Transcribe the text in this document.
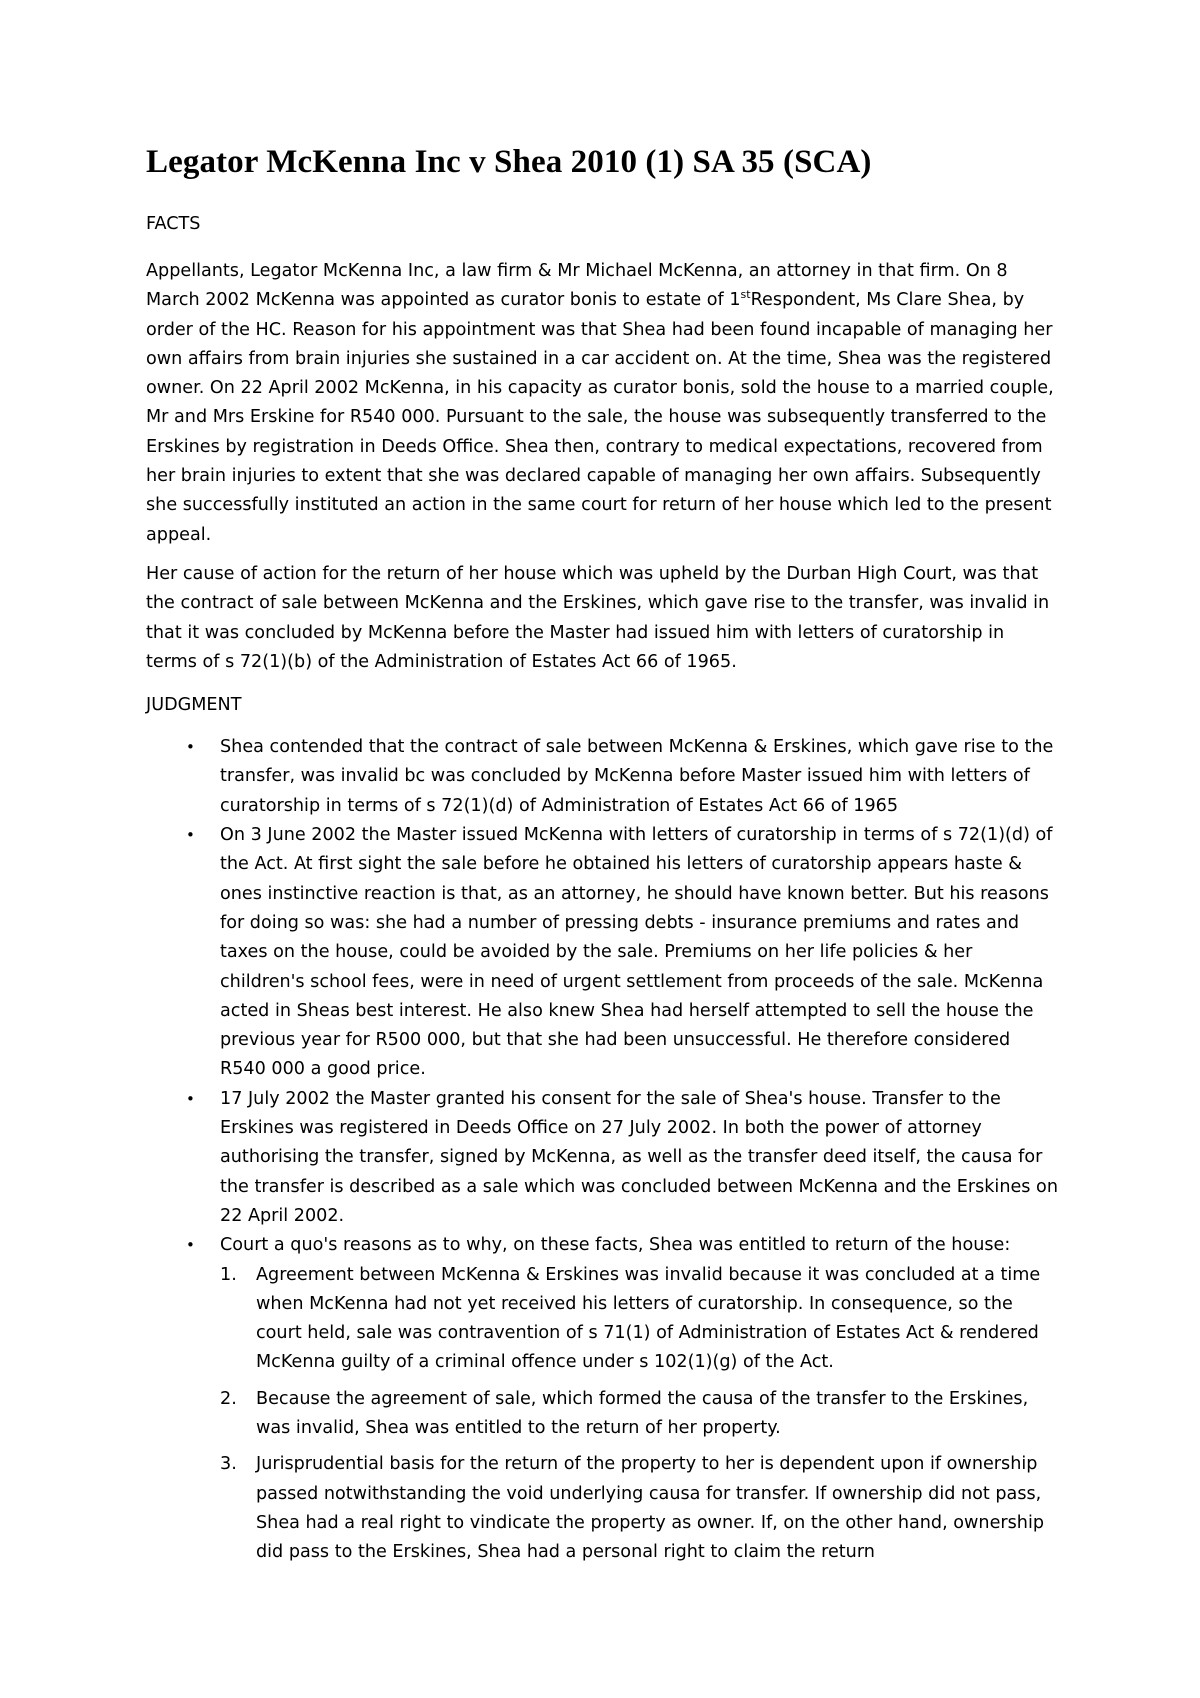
Legator McKenna Inc v Shea 2010 (1) SA 35 (SCA)
FACTS

Appellants, Legator McKenna Inc, a law firm & Mr Michael McKenna, an attorney in that firm. On 8 March 2002 McKenna was appointed as curator bonis to estate of 1stRespondent, Ms Clare Shea, by order of the HC. Reason for his appointment was that Shea had been found incapable of managing her own affairs from brain injuries she sustained in a car accident on. At the time, Shea was the registered owner. On 22 April 2002 McKenna, in his capacity as curator bonis, sold the house to a married couple, Mr and Mrs Erskine for R540 000. Pursuant to the sale, the house was subsequently transferred to the Erskines by registration in Deeds Office. Shea then, contrary to medical expectations, recovered from her brain injuries to extent that she was declared capable of managing her own affairs. Subsequently she successfully instituted an action in the same court for return of her house which led to the present appeal.

Her cause of action for the return of her house which was upheld by the Durban High Court, was that the contract of sale between McKenna and the Erskines, which gave rise to the transfer, was invalid in that it was concluded by McKenna before the Master had issued him with letters of curatorship in terms of s 72(1)(b) of the Administration of Estates Act 66 of 1965.

JUDGMENT
• Shea contended that the contract of sale between McKenna & Erskines, which gave rise to the transfer, was invalid bc was concluded by McKenna before Master issued him with letters of curatorship in terms of s 72(1)(d) of Administration of Estates Act 66 of 1965
• On 3 June 2002 the Master issued McKenna with letters of curatorship in terms of s 72(1)(d) of the Act. At first sight the sale before he obtained his letters of curatorship appears haste & ones instinctive reaction is that, as an attorney, he should have known better. But his reasons for doing so was: she had a number of pressing debts - insurance premiums and rates and taxes on the house, could be avoided by the sale. Premiums on her life policies & her children's school fees, were in need of urgent settlement from proceeds of the sale. McKenna acted in Sheas best interest. He also knew Shea had herself attempted to sell the house the previous year for R500 000, but that she had been unsuccessful. He therefore considered R540 000 a good price.
• 17 July 2002 the Master granted his consent for the sale of Shea's house. Transfer to the Erskines was registered in Deeds Office on 27 July 2002. In both the power of attorney authorising the transfer, signed by McKenna, as well as the transfer deed itself, the causa for the transfer is described as a sale which was concluded between McKenna and the Erskines on 22 April 2002.
• Court a quo's reasons as to why, on these facts, Shea was entitled to return of the house:
1. Agreement between McKenna & Erskines was invalid because it was concluded at a time when McKenna had not yet received his letters of curatorship. In consequence, so the court held, sale was contravention of s 71(1) of Administration of Estates Act & rendered McKenna guilty of a criminal offence under s 102(1)(g) of the Act.
2. Because the agreement of sale, which formed the causa of the transfer to the Erskines, was invalid, Shea was entitled to the return of her property.
3. Jurisprudential basis for the return of the property to her is dependent upon if ownership passed notwithstanding the void underlying causa for transfer. If ownership did not pass, Shea had a real right to vindicate the property as owner. If, on the other hand, ownership did pass to the Erskines, Shea had a personal right to claim the return
